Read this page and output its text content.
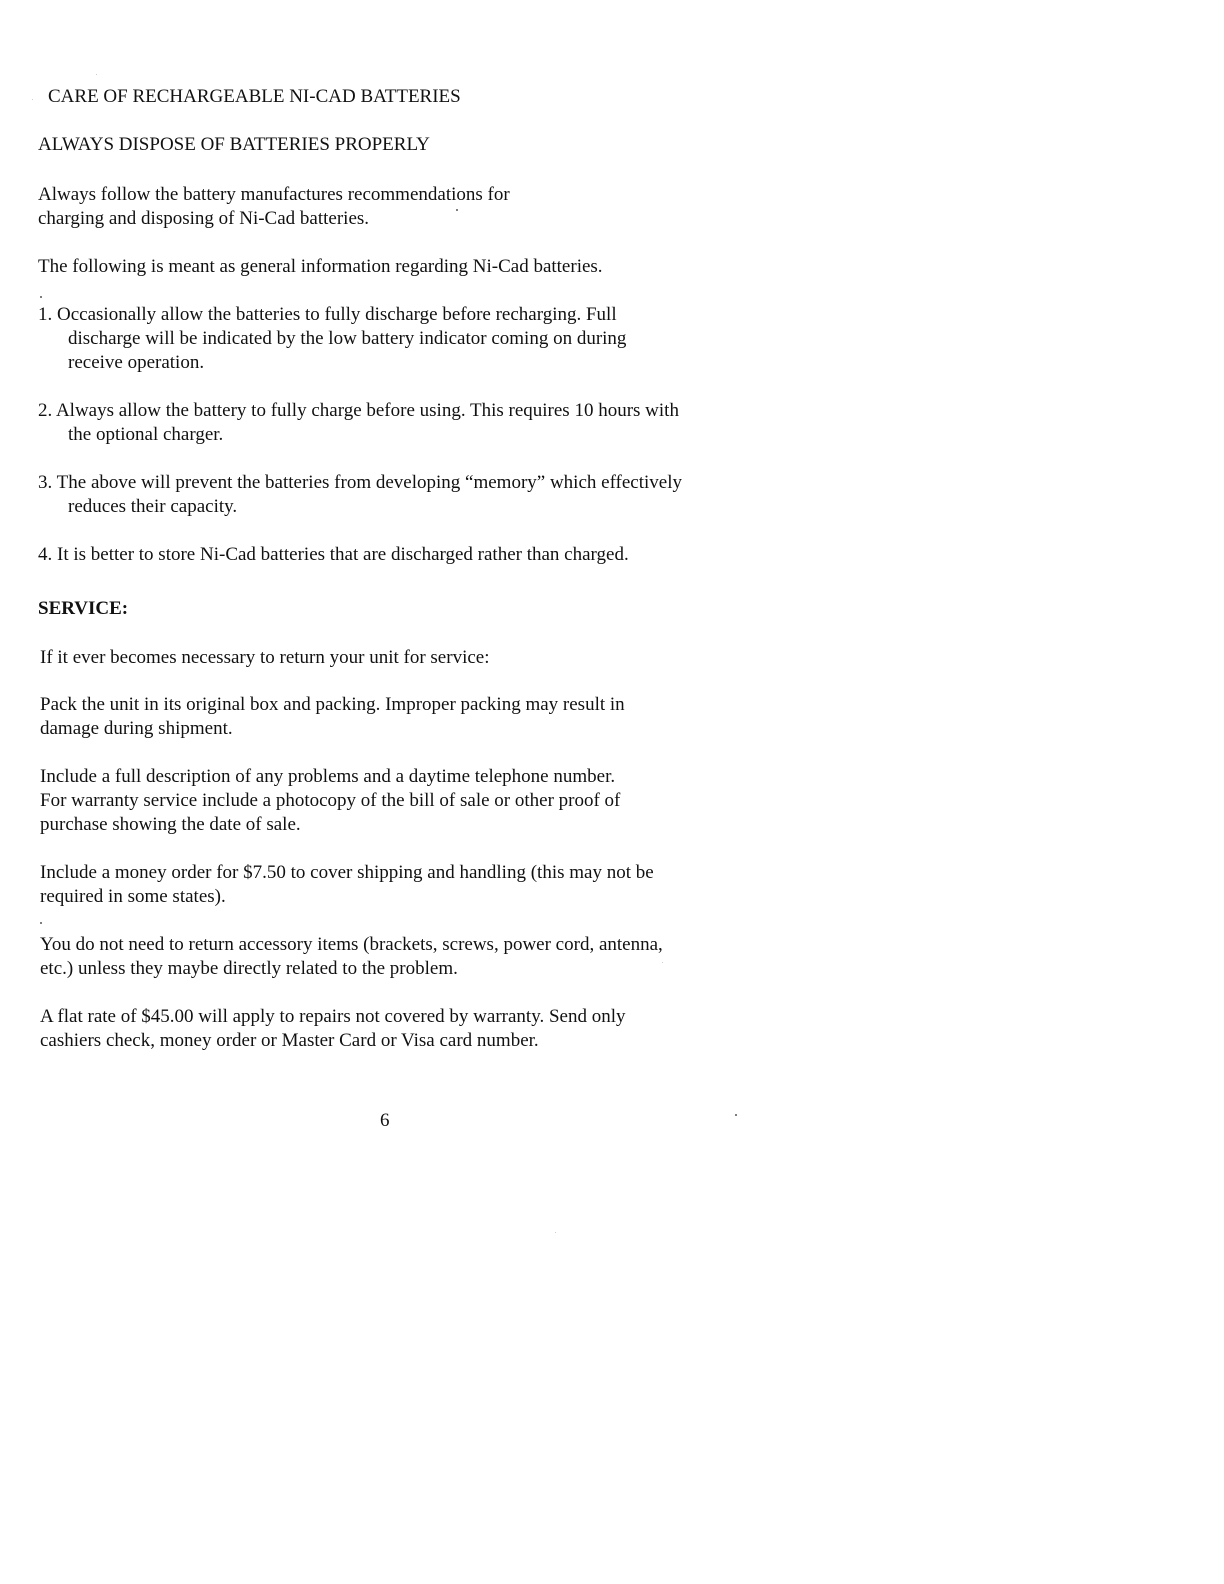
CARE OF RECHARGEABLE NI-CAD BATTERIES
ALWAYS DISPOSE OF BATTERIES PROPERLY
Always follow the battery manufactures recommendations for
charging and disposing of Ni-Cad batteries.
The following is meant as general information regarding Ni-Cad batteries.
1. Occasionally allow the batteries to fully discharge before recharging. Full
discharge will be indicated by the low battery indicator coming on during
receive operation.
2. Always allow the battery to fully charge before using. This requires 10 hours with
the optional charger.
3. The above will prevent the batteries from developing “memory” which effectively
reduces their capacity.
4. It is better to store Ni-Cad batteries that are discharged rather than charged.
SERVICE:
If it ever becomes necessary to return your unit for service:
Pack the unit in its original box and packing. Improper packing may result in
damage during shipment.
Include a full description of any problems and a daytime telephone number.
For warranty service include a photocopy of the bill of sale or other proof of
purchase showing the date of sale.
Include a money order for $7.50 to cover shipping and handling (this may not be
required in some states).
You do not need to return accessory items (brackets, screws, power cord, antenna,
etc.) unless they maybe directly related to the problem.
A flat rate of $45.00 will apply to repairs not covered by warranty. Send only
cashiers check, money order or Master Card or Visa card number.
6
